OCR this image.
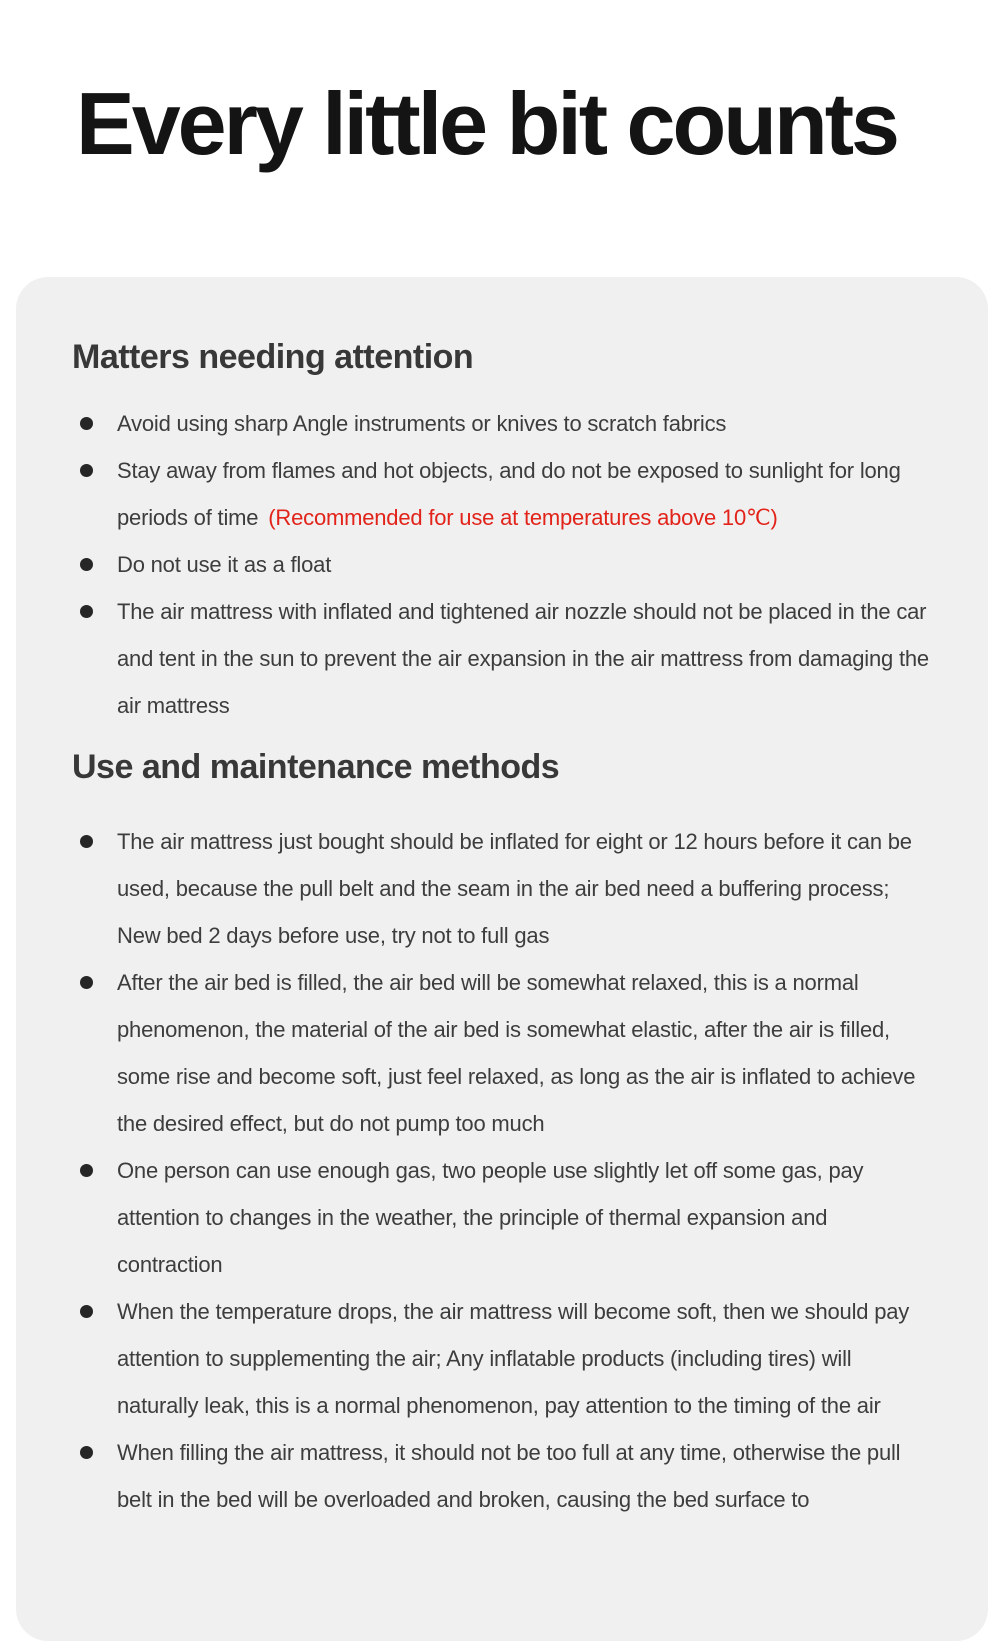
Every little bit counts
Matters needing attention
Avoid using sharp Angle instruments or knives to scratch fabrics
Stay away from flames and hot objects, and do not be exposed to sunlight for long periods of time (Recommended for use at temperatures above 10℃)
Do not use it as a float
The air mattress with inflated and tightened air nozzle should not be placed in the car and tent in the sun to prevent the air expansion in the air mattress from damaging the air mattress
Use and maintenance methods
The air mattress just bought should be inflated for eight or 12 hours before it can be used, because the pull belt and the seam in the air bed need a buffering process; New bed 2 days before use, try not to full gas
After the air bed is filled, the air bed will be somewhat relaxed, this is a normal phenomenon, the material of the air bed is somewhat elastic, after the air is filled, some rise and become soft, just feel relaxed, as long as the air is inflated to achieve the desired effect, but do not pump too much
One person can use enough gas, two people use slightly let off some gas, pay attention to changes in the weather, the principle of thermal expansion and contraction
When the temperature drops, the air mattress will become soft, then we should pay attention to supplementing the air; Any inflatable products (including tires) will naturally leak, this is a normal phenomenon, pay attention to the timing of the air
When filling the air mattress, it should not be too full at any time, otherwise the pull belt in the bed will be overloaded and broken, causing the bed surface to
